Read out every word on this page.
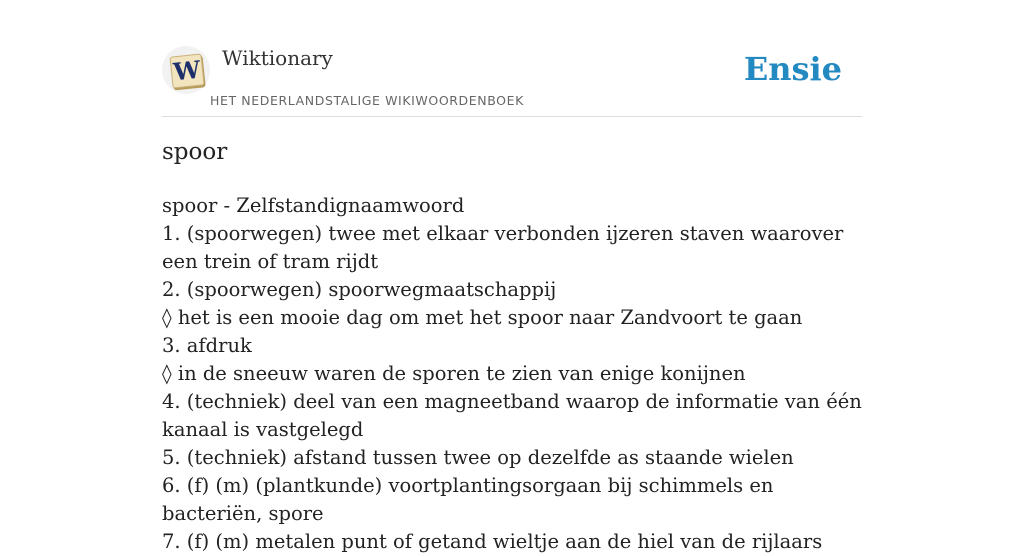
W Wiktionary
HET NEDERLANDSTALIGE WIKIWOORDENBOEK
Ensie
spoor
spoor - Zelfstandignaamwoord
1. (spoorwegen) twee met elkaar verbonden ijzeren staven waarover een trein of tram rijdt
2. (spoorwegen) spoorwegmaatschappij
◊ het is een mooie dag om met het spoor naar Zandvoort te gaan
3. afdruk
◊ in de sneeuw waren de sporen te zien van enige konijnen
4. (techniek) deel van een magneetband waarop de informatie van één kanaal is vastgelegd
5. (techniek) afstand tussen twee op dezelfde as staande wielen
6. (f) (m) (plantkunde) voortplantingsorgaan bij schimmels en bacteriën, spore
7. (f) (m) metalen punt of getand wieltje aan de hiel van de rijlaars
